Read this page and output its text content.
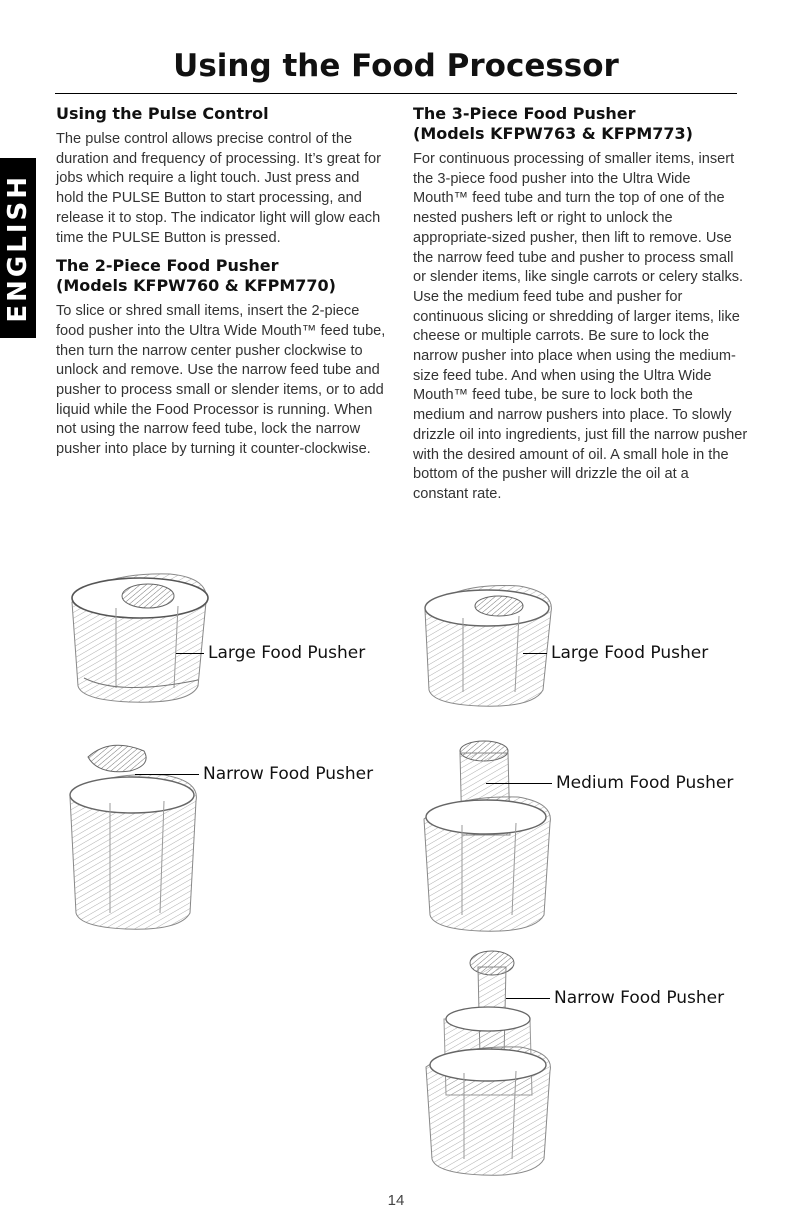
ENGLISH
Using the Food Processor
Using the Pulse Control

The pulse control allows precise control of the duration and frequency of processing. It’s great for jobs which require a light touch. Just press and hold the PULSE Button to start processing, and release it to stop. The indicator light will glow each time the PULSE Button is pressed.

The 2-Piece Food Pusher
(Models KFPW760 & KFPM770)

To slice or shred small items, insert the 2-piece food pusher into the Ultra Wide Mouth™ feed tube, then turn the narrow center pusher clockwise to unlock and remove. Use the narrow feed tube and pusher to process small or slender items, or to add liquid while the Food Processor is running. When not using the narrow feed tube, lock the narrow pusher into place by turning it counter-clockwise.

The 3-Piece Food Pusher
(Models KFPW763 & KFPM773)

For continuous processing of smaller items, insert the 3-piece food pusher into the Ultra Wide Mouth™ feed tube and turn the top of one of the nested pushers left or right to unlock the appropriate-sized pusher, then lift to remove. Use the narrow feed tube and pusher to process small or slender items, like single carrots or celery stalks. Use the medium feed tube and pusher for continuous slicing or shredding of larger items, like cheese or multiple carrots. Be sure to lock the narrow pusher into place when using the medium-size feed tube. And when using the Ultra Wide Mouth™ feed tube, be sure to lock both the medium and narrow pushers into place. To slowly drizzle oil into ingredients, just fill the narrow pusher with the desired amount of oil. A small hole in the bottom of the pusher will drizzle the oil at a constant rate.

Large Food Pusher
Narrow Food Pusher
Large Food Pusher
Medium Food Pusher
Narrow Food Pusher
14
